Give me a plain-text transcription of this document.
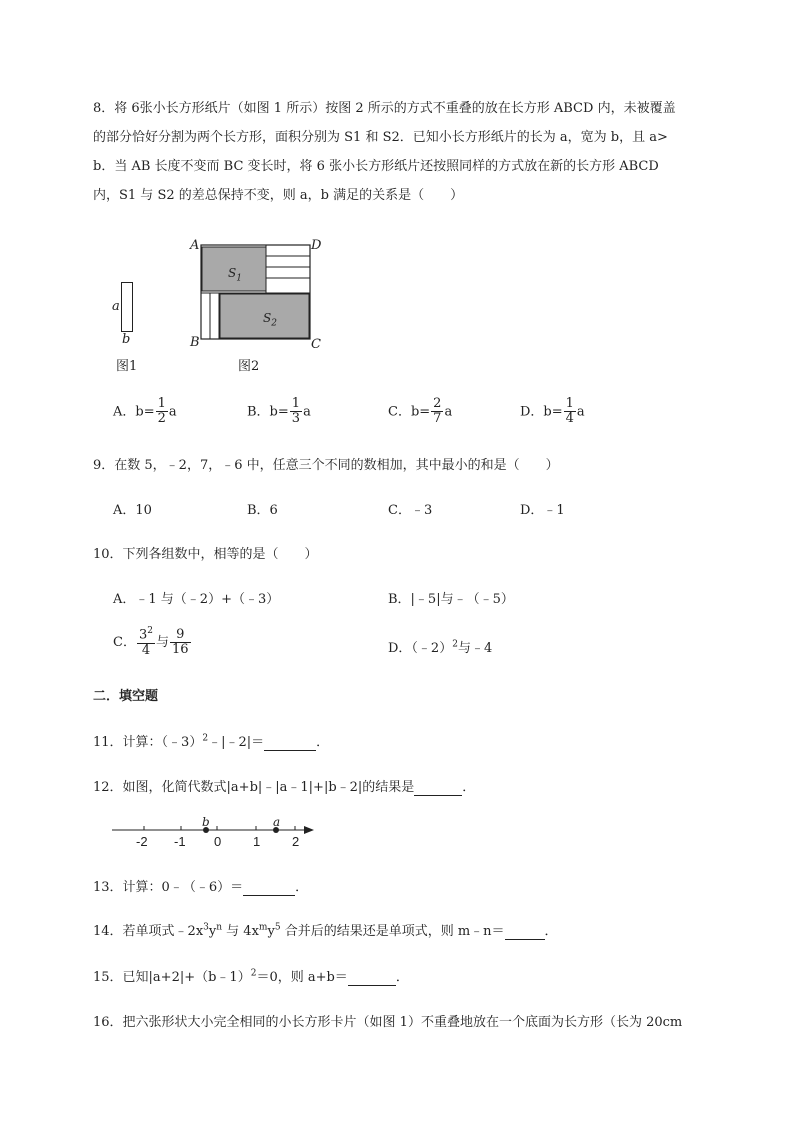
8．将 6张小长方形纸片（如图 1 所示）按图 2 所示的方式不重叠的放在长方形 ABCD 内，未被覆盖
的部分恰好分割为两个长方形，面积分别为 S1 和 S2．已知小长方形纸片的长为 a，宽为 b，且 a>
b．当 AB 长度不变而 BC 变长时，将 6 张小长方形纸片还按照同样的方式放在新的长方形 ABCD
内，S1 与 S2 的差总保持不变，则 a，b 满足的关系是（　　）
a
b
图1
A	D
B	C
$S_1$
$S_2$
图2
A．$b= \frac{1}{2}$ a	B．$b= \frac{1}{3}$ a	C．$b= \frac{2}{7}$ a	D．$b= \frac{1}{4}$ a
9．在数 5，﹣2，7，﹣6 中，任意三个不同的数相加，其中最小的和是（　　）
A．10	B．6	C．﹣3	D．﹣1
10．下列各组数中，相等的是（　　）
A．﹣1 与（﹣2）+（﹣3）	B．|﹣5|与﹣（﹣5）
C． $\frac{3^2}{4}$ 与 $\frac{9}{16}$	D．（﹣2）$^2$与﹣4
二．填空题
11．计算：（﹣3）$^2$﹣|﹣2|＝	．
12．如图，化简代数式|a+b|﹣|a﹣1|+|b﹣2|的结果是	．
b	a
-2 -1 0 1 2
13．计算：0﹣（﹣6）＝	．
14．若单项式$﹣2x^3y^n$ 与 $4x^my^5$ 合并后的结果还是单项式，则 m﹣n＝	．
15．已知|a+2|+（b﹣1）$^2$＝0，则 a+b＝	．
16．把六张形状大小完全相同的小长方形卡片（如图 1）不重叠地放在一个底面为长方形（长为 20cm
